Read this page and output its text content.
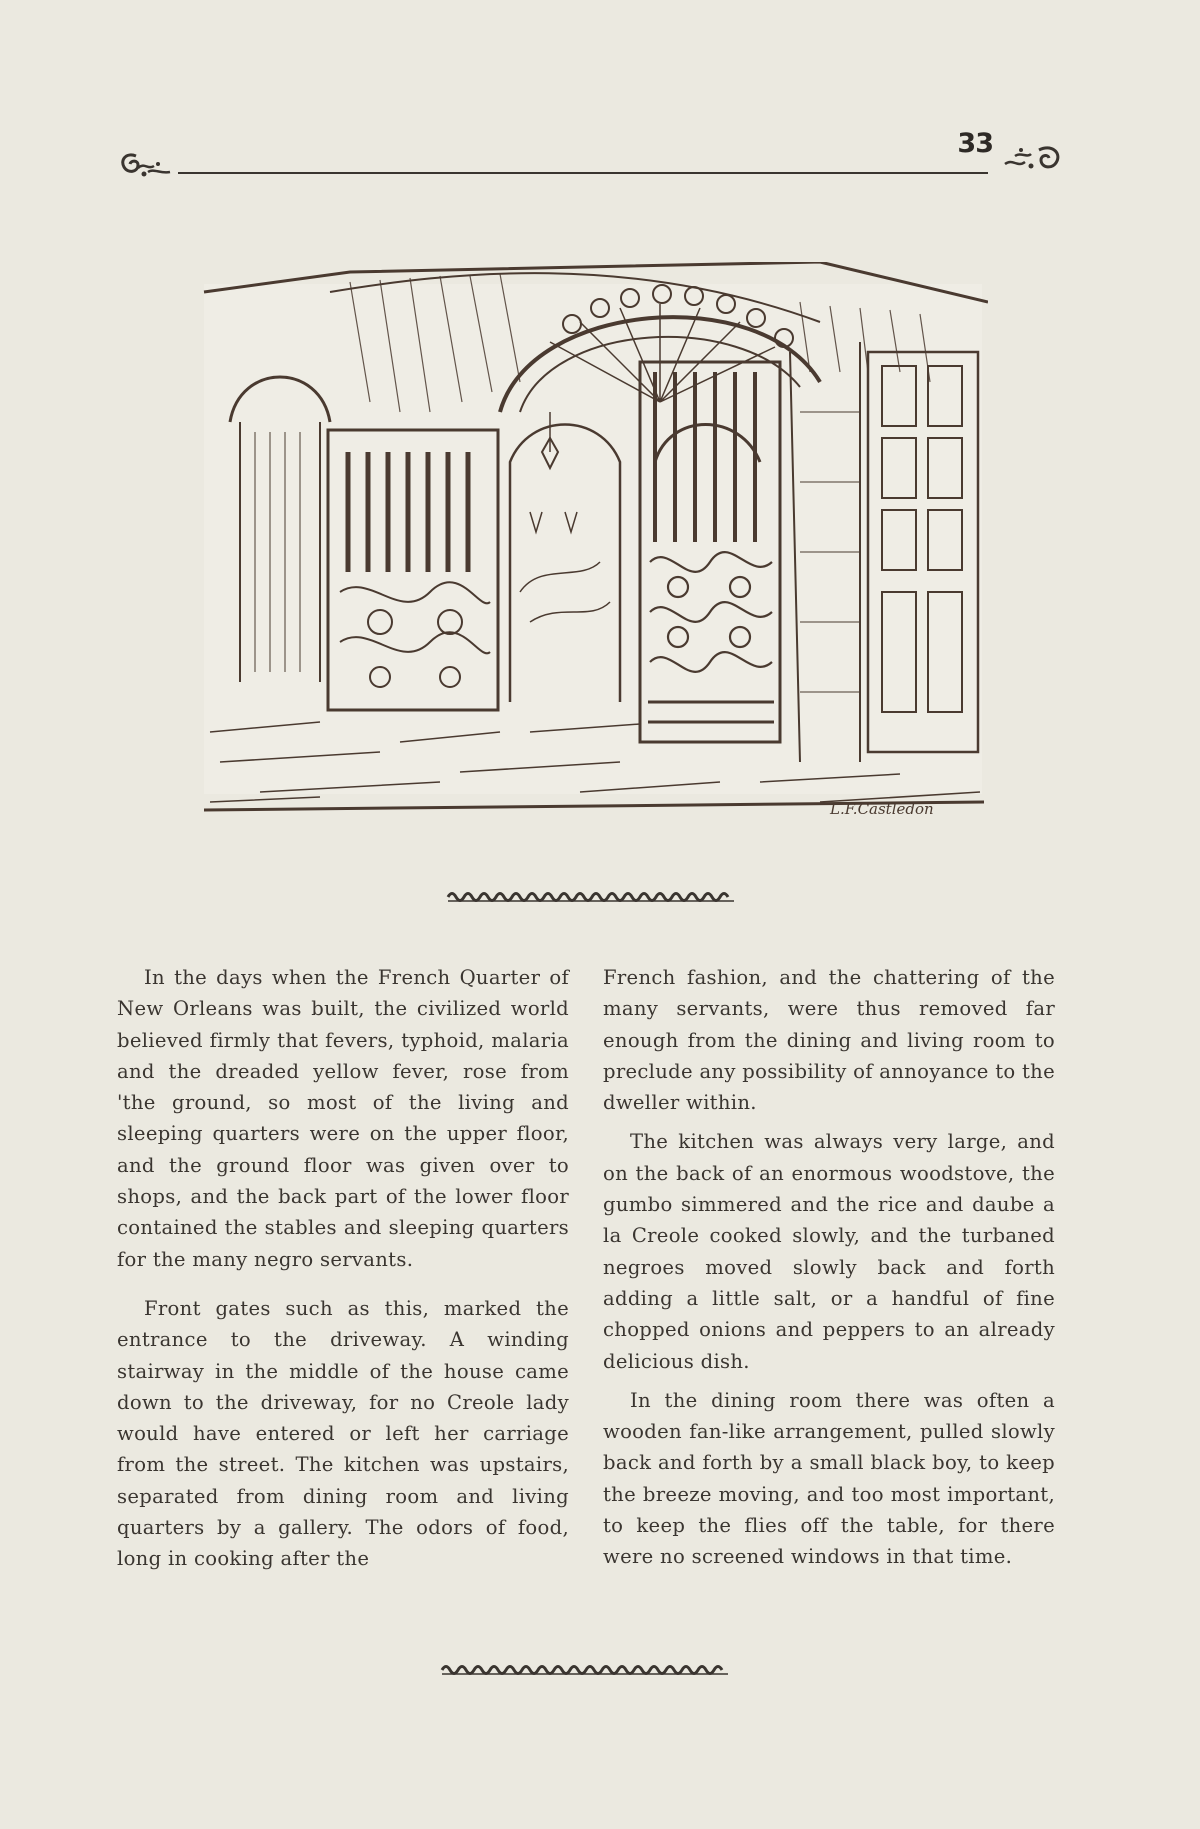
33
L.F.Castledon

In the days when the French Quarter of New Orleans was built, the civilized world believed firmly that fevers, typhoid, malaria and the dreaded yellow fever, rose from 'the ground, so most of the living and sleeping quarters were on the upper floor, and the ground floor was given over to shops, and the back part of the lower floor contained the stables and sleeping quarters for the many negro servants.

Front gates such as this, marked the entrance to the driveway. A winding stairway in the middle of the house came down to the driveway, for no Creole lady would have entered or left her carriage from the street. The kitchen was upstairs, separated from dining room and living quarters by a gallery. The odors of food, long in cooking after the

French fashion, and the chattering of the many servants, were thus removed far enough from the dining and living room to preclude any possibility of annoyance to the dweller within.

The kitchen was always very large, and on the back of an enormous woodstove, the gumbo simmered and the rice and daube a la Creole cooked slowly, and the turbaned negroes moved slowly back and forth adding a little salt, or a handful of fine chopped onions and peppers to an already delicious dish.

In the dining room there was often a wooden fan-like arrangement, pulled slowly back and forth by a small black boy, to keep the breeze moving, and too most important, to keep the flies off the table, for there were no screened windows in that time.
